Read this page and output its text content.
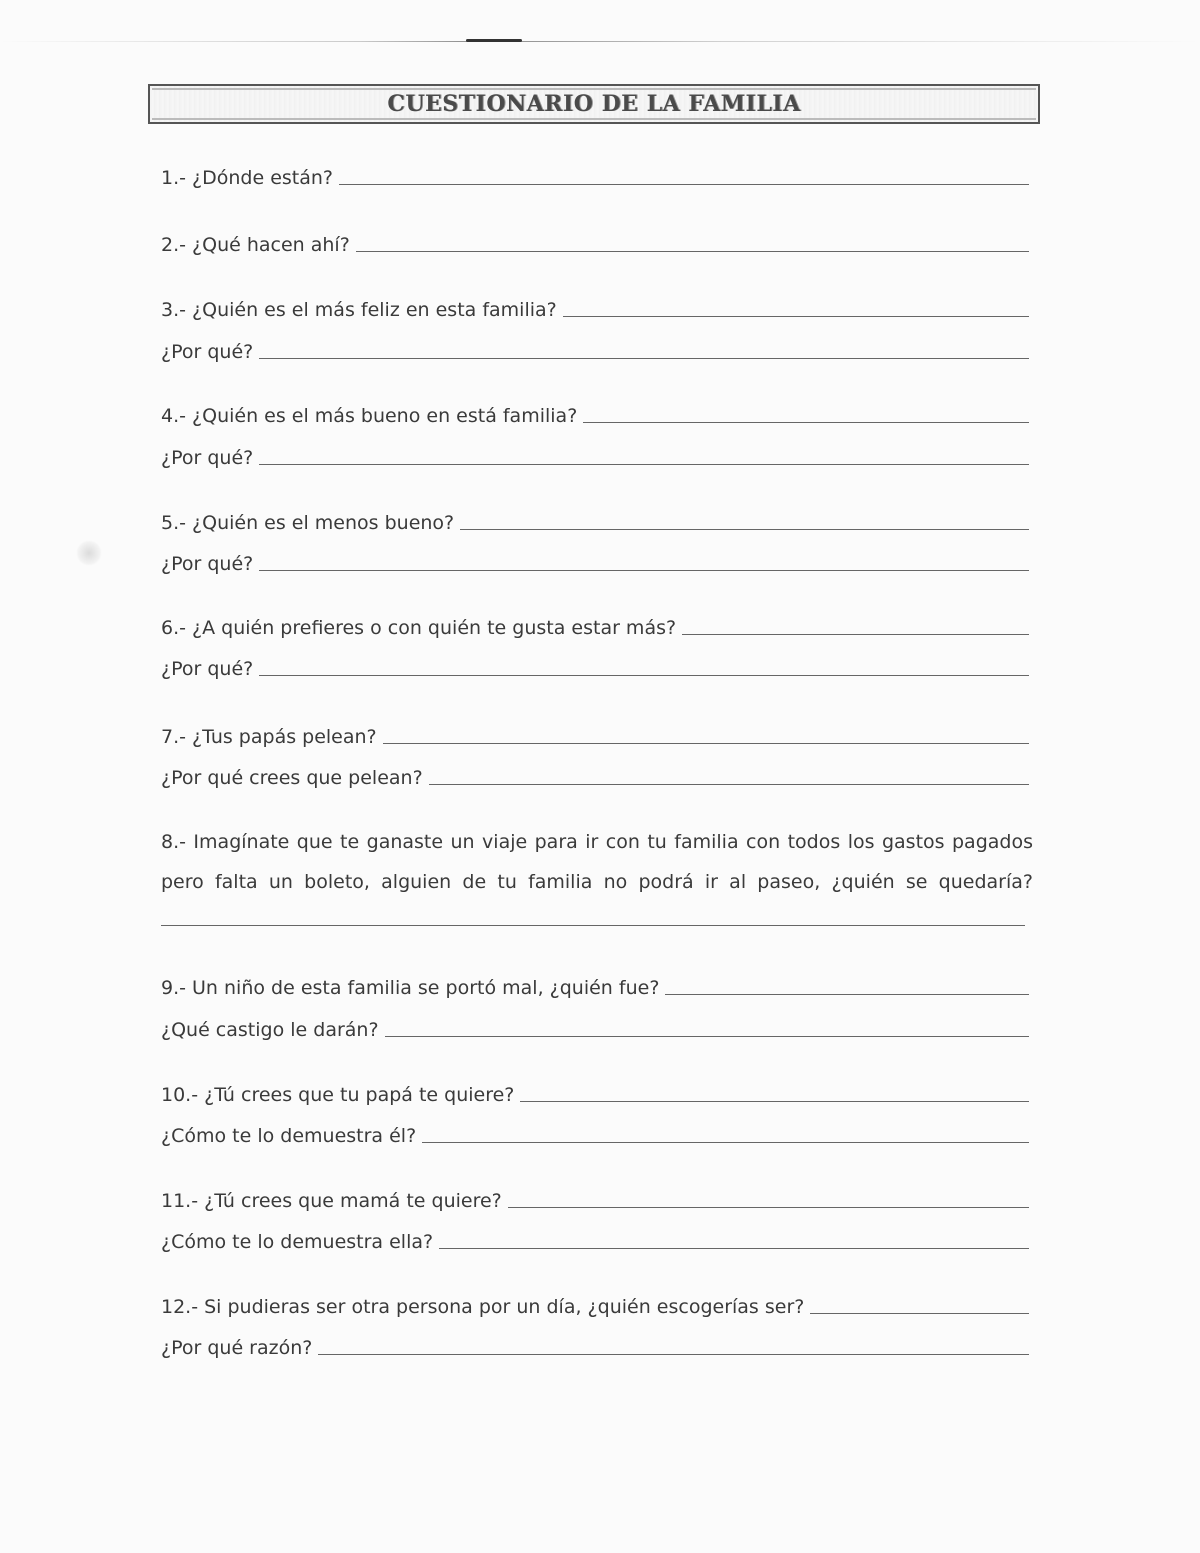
CUESTIONARIO DE LA FAMILIA
1.- ¿Dónde están?
2.- ¿Qué hacen ahí?
3.- ¿Quién es el más feliz en esta familia?
¿Por qué?
4.- ¿Quién es el más bueno en está familia?
¿Por qué?
5.- ¿Quién es el menos bueno?
¿Por qué?
6.- ¿A quién prefieres o con quién te gusta estar más?
¿Por qué?
7.- ¿Tus papás pelean?
¿Por qué crees que pelean?
8.- Imagínate que te ganaste un viaje para ir con tu familia con todos los gastos pagados pero falta un boleto, alguien de tu familia no podrá ir al paseo, ¿quién se quedaría?
9.- Un niño de esta familia se portó mal, ¿quién fue?
¿Qué castigo le darán?
10.- ¿Tú crees que tu papá te quiere?
¿Cómo te lo demuestra él?
11.- ¿Tú crees que mamá te quiere?
¿Cómo te lo demuestra ella?
12.- Si pudieras ser otra persona por un día, ¿quién escogerías ser?
¿Por qué razón?
